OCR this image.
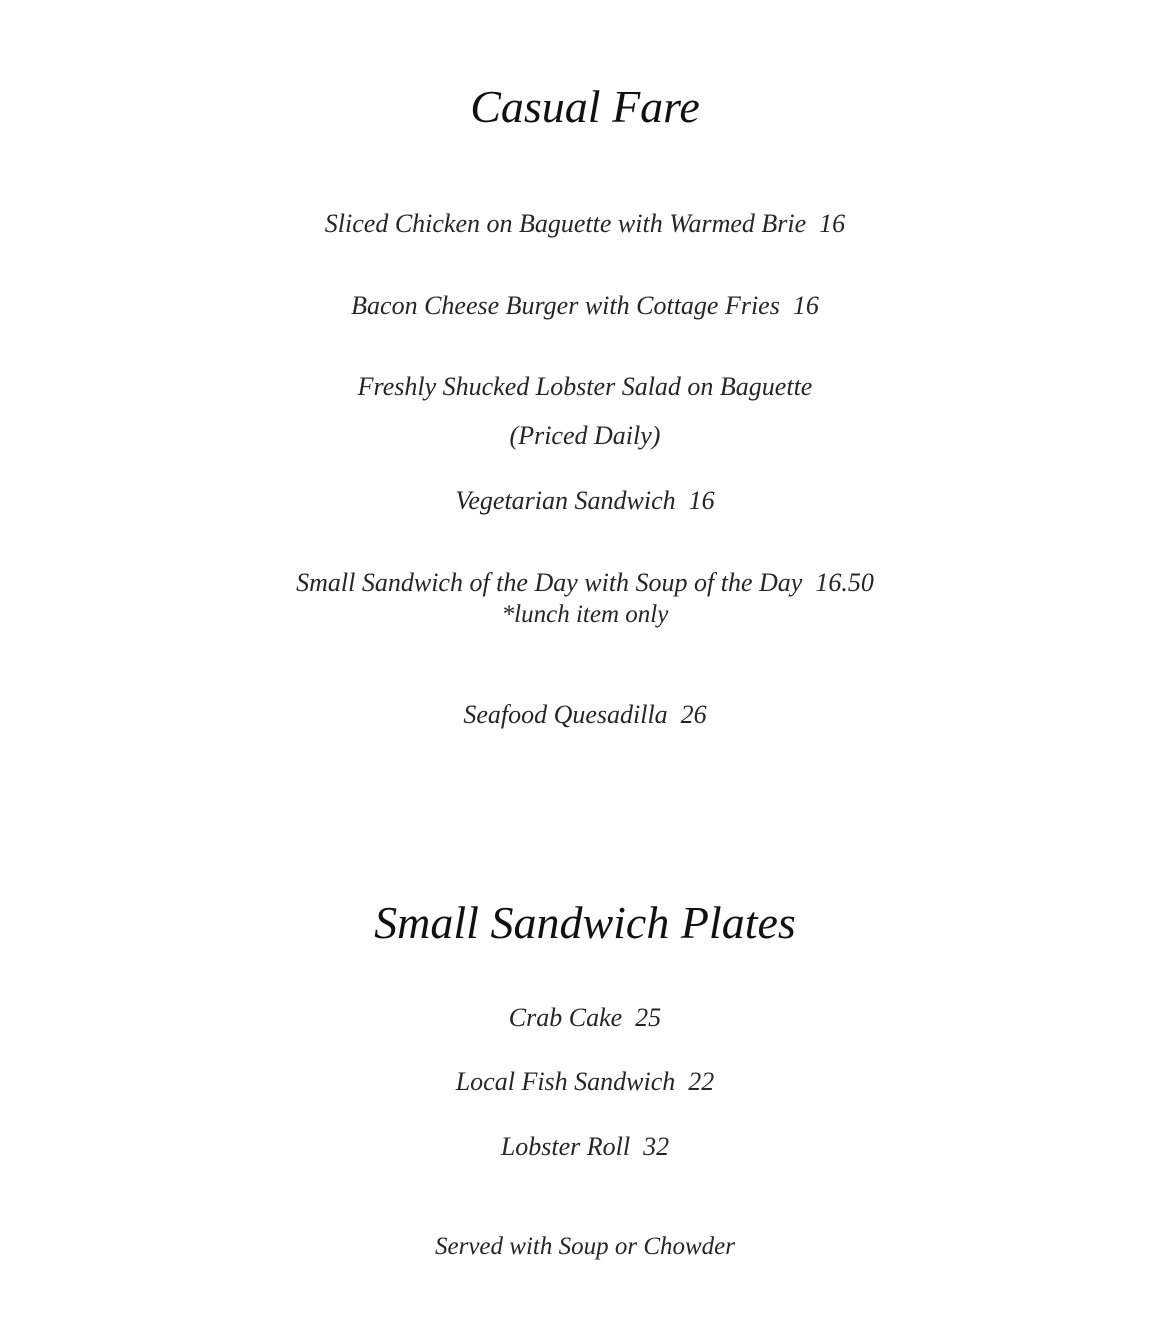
Casual Fare
Sliced Chicken on Baguette with Warmed Brie  16
Bacon Cheese Burger with Cottage Fries  16
Freshly Shucked Lobster Salad on Baguette
(Priced Daily)
Vegetarian Sandwich  16
Small Sandwich of the Day with Soup of the Day  16.50
*lunch item only
Seafood Quesadilla  26
Small Sandwich Plates
Crab Cake  25
Local Fish Sandwich  22
Lobster Roll  32
Served with Soup or Chowder
